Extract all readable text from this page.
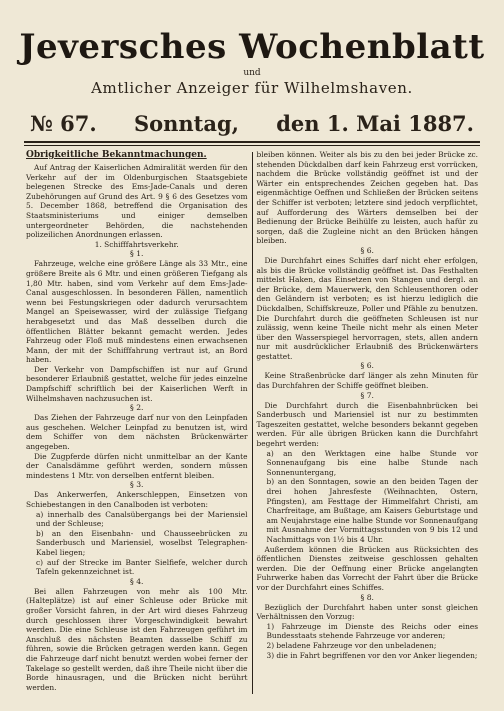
Jeversches Wochenblatt
und
Amtlicher Anzeiger für Wilhelmshaven.
№ 67. Sonntag, den 1. Mai 1887.

Obrigkeitliche Bekanntmachungen.

Auf Antrag der Kaiserlichen Admiralität werden für den Verkehr auf der im Oldenburgischen Staatsgebiete belegenen Strecke des Ems-Jade-Canals und deren Zubehörungen auf Grund des Art. 9 § 6 des Gesetzes vom 5. December 1868, betreffend die Organisation des Staatsministeriums und einiger demselben untergeordneter Behörden, die nachstehenden polizeilichen Anordnungen erlassen.

1. Schifffahrtsverkehr.

§ 1.

Fahrzeuge, welche eine größere Länge als 33 Mtr., eine größere Breite als 6 Mtr. und einen größeren Tiefgang als 1,80 Mtr. haben, sind vom Verkehr auf dem Ems-Jade-Canal ausgeschlossen. In besonderen Fällen, namentlich wenn bei Festungskriegen oder dadurch verursachtem Mangel an Speisewasser, wird der zulässige Tiefgang herabgesetzt und das Maß desselben durch die öffentlichen Blätter bekannt gemacht werden. Jedes Fahrzeug oder Floß muß mindestens einen erwachsenen Mann, der mit der Schifffahrung vertraut ist, an Bord haben.

Der Verkehr von Dampfschiffen ist nur auf Grund besonderer Erlaubniß gestattet, welche für jedes einzelne Dampfschiff schriftlich bei der Kaiserlichen Werft in Wilhelmshaven nachzusuchen ist.

§ 2.

Das Ziehen der Fahrzeuge darf nur von den Leinpfaden aus geschehen. Welcher Leinpfad zu benutzen ist, wird dem Schiffer von dem nächsten Brückenwärter angegeben.

Die Zugpferde dürfen nicht unmittelbar an der Kante der Canalsdämme geführt werden, sondern müssen mindestens 1 Mtr. von derselben entfernt bleiben.

§ 3.

Das Ankerwerfen, Ankerschleppen, Einsetzen von Schiebestangen in den Canalboden ist verboten:

a) innerhalb des Canalsübergangs bei der Mariensiel und der Schleuse;

b) an den Eisenbahn- und Chausseebrücken zu Sanderbusch und Mariensiel, woselbst Telegraphen-Kabel liegen;

c) auf der Strecke im Banter Sielfiefe, welcher durch Tafeln gekennzeichnet ist.

§ 4.

Bei allen Fahrzeugen von mehr als 100 Mtr. (Halteplätze) ist auf einer Schleuse oder Brücke mit großer Vorsicht fahren, in der Art wird dieses Fahrzeug durch geschlossen ihrer Vorgeschwindigkeit bewahrt werden. Die eine Schleuse ist den Fahrzeugen geführt im Anschluß des nächsten Beamten dasselbe Schiff zu führen, sowie die Brücken getragen werden kann. Gegen die Fahrzeuge darf nicht benutzt werden wobei ferner der Takelage so gestellt werden, daß ihre Theile nicht über die Borde hinausragen, und die Brücken nicht berührt werden.

bleiben können. Weiter als bis zu den bei jeder Brücke zc. stehenden Dückdalben darf kein Fahrzeug erst vorrücken, nachdem die Brücke vollständig geöffnet ist und der Wärter ein entsprechendes Zeichen gegeben hat. Das eigenmächtige Oeffnen und Schließen der Brücken seitens der Schiffer ist verboten; letztere sind jedoch verpflichtet, auf Aufforderung des Wärters demselben bei der Bedienung der Brücke Beihülfe zu leisten, auch hafür zu sorgen, daß die Zugleine nicht an den Brücken hängen bleiben.

§ 6.

Die Durchfahrt eines Schiffes darf nicht eher erfolgen, als bis die Brücke vollständig geöffnet ist. Das Festhalten mittelst Haken, das Einsetzen von Stangen und dergl. an der Brücke, dem Mauerwerk, den Schleusenthoren oder den Geländern ist verboten; es ist hierzu lediglich die Dückdalben, Schiffskreuze, Poller und Pfähle zu benutzen. Die Durchfahrt durch die geöffneten Schleusen ist nur zulässig, wenn keine Theile nicht mehr als einen Meter über den Wasserspiegel hervorragen, stets, allen andern nur mit ausdrücklicher Erlaubniß des Brückenwärters gestattet.

§ 6.

Keine Straßenbrücke darf länger als zehn Minuten für das Durchfahren der Schiffe geöffnet bleiben.

§ 7.

Die Durchfahrt durch die Eisenbahnbrücken bei Sanderbusch und Mariensiel ist nur zu bestimmten Tageszeiten gestattet, welche besonders bekannt gegeben werden. Für alle übrigen Brücken kann die Durchfahrt begehrt werden:

a) an den Werktagen eine halbe Stunde vor Sonnenaufgang bis eine halbe Stunde nach Sonnenuntergang,

b) an den Sonntagen, sowie an den beiden Tagen der drei hohen Jahresfeste (Weihnachten, Ostern, Pfingsten), am Festtage der Himmelfahrt Christi, am Charfreitage, am Bußtage, am Kaisers Geburtstage und am Neujahrstage eine halbe Stunde vor Sonnenaufgang mit Ausnahme der Vormittagsstunden von 9 bis 12 und Nachmittags von 1½ bis 4 Uhr.

Außerdem können die Brücken aus Rücksichten des öffentlichen Dienstes zeitweise geschlossen gehalten werden. Die der Oeffnung einer Brücke angelangten Fuhrwerke haben das Vorrecht der Fahrt über die Brücke vor der Durchfahrt eines Schiffes.

§ 8.

Bezüglich der Durchfahrt haben unter sonst gleichen Verhältnissen den Vorzug:

1) Fahrzeuge im Dienste des Reichs oder eines Bundesstaats stehende Fahrzeuge vor anderen;

2) beladene Fahrzeuge vor den unbeladenen;

3) die in Fahrt begriffenen vor den vor Anker liegenden;
